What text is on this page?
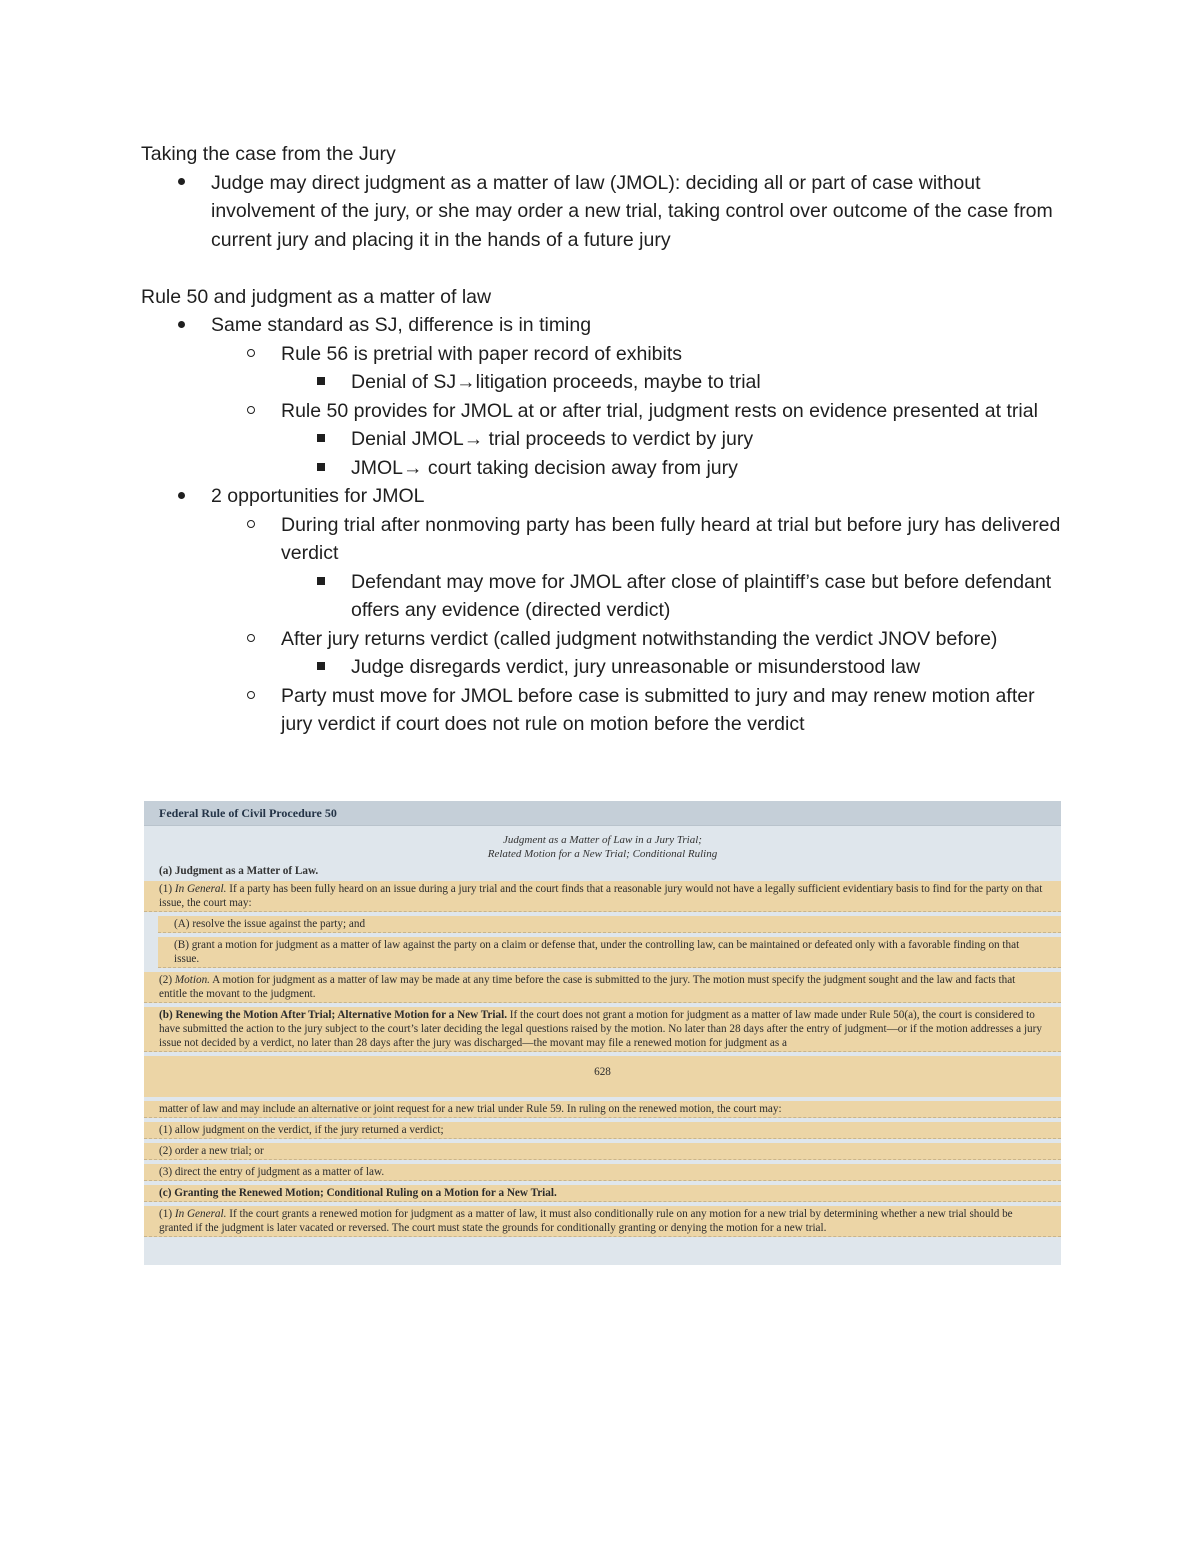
Taking the case from the Jury

Judge may direct judgment as a matter of law (JMOL): deciding all or part of case without involvement of the jury, or she may order a new trial, taking control over outcome of the case from current jury and placing it in the hands of a future jury

Rule 50 and judgment as a matter of law

Same standard as SJ, difference is in timing
Rule 56 is pretrial with paper record of exhibits
Denial of SJ→litigation proceeds, maybe to trial
Rule 50 provides for JMOL at or after trial, judgment rests on evidence presented at trial
Denial JMOL→ trial proceeds to verdict by jury
JMOL→ court taking decision away from jury
2 opportunities for JMOL
During trial after nonmoving party has been fully heard at trial but before jury has delivered verdict
Defendant may move for JMOL after close of plaintiff’s case but before defendant offers any evidence (directed verdict)
After jury returns verdict (called judgment notwithstanding the verdict JNOV before)
Judge disregards verdict, jury unreasonable or misunderstood law
Party must move for JMOL before case is submitted to jury and may renew motion after jury verdict if court does not rule on motion before the verdict
Federal Rule of Civil Procedure 50
Judgment as a Matter of Law in a Jury Trial;
Related Motion for a New Trial; Conditional Ruling
(a) Judgment as a Matter of Law.
(1) In General. If a party has been fully heard on an issue during a jury trial and the court finds that a reasonable jury would not have a legally sufficient evidentiary basis to find for the party on that issue, the court may:
(A) resolve the issue against the party; and
(B) grant a motion for judgment as a matter of law against the party on a claim or defense that, under the controlling law, can be maintained or defeated only with a favorable finding on that issue.
(2) Motion. A motion for judgment as a matter of law may be made at any time before the case is submitted to the jury. The motion must specify the judgment sought and the law and facts that entitle the movant to the judgment.
(b) Renewing the Motion After Trial; Alternative Motion for a New Trial. If the court does not grant a motion for judgment as a matter of law made under Rule 50(a), the court is considered to have submitted the action to the jury subject to the court’s later deciding the legal questions raised by the motion. No later than 28 days after the entry of judgment—or if the motion addresses a jury issue not decided by a verdict, no later than 28 days after the jury was discharged—the movant may file a renewed motion for judgment as a
628
matter of law and may include an alternative or joint request for a new trial under Rule 59. In ruling on the renewed motion, the court may:
(1) allow judgment on the verdict, if the jury returned a verdict;
(2) order a new trial; or
(3) direct the entry of judgment as a matter of law.
(c) Granting the Renewed Motion; Conditional Ruling on a Motion for a New Trial.
(1) In General. If the court grants a renewed motion for judgment as a matter of law, it must also conditionally rule on any motion for a new trial by determining whether a new trial should be granted if the judgment is later vacated or reversed. The court must state the grounds for conditionally granting or denying the motion for a new trial.
